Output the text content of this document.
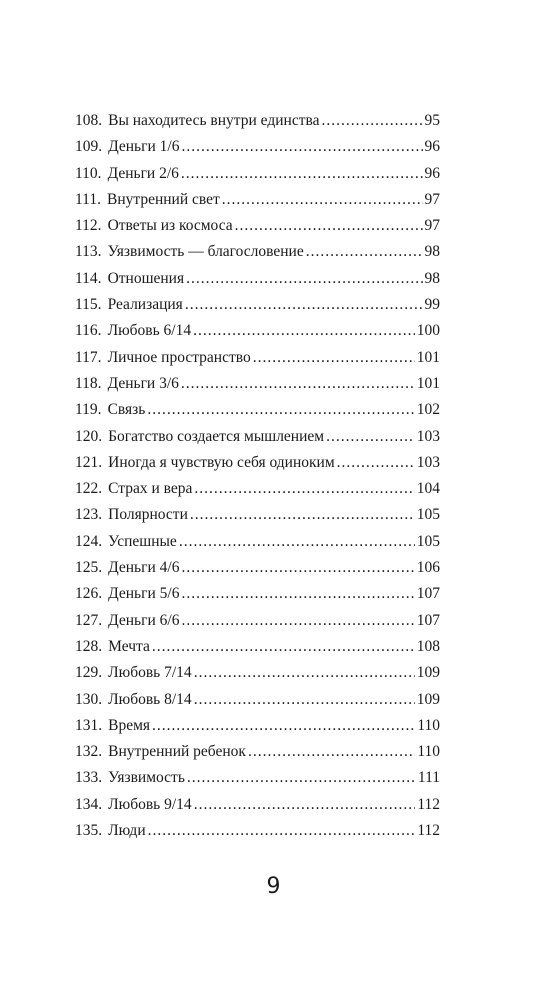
108. Вы находитесь внутри единства .....	95
109. Деньги 1/6 .....	96
110. Деньги 2/6 .....	96
111. Внутренний свет .....	97
112. Ответы из космоса .....	97
113. Уязвимость — благословение .....	98
114. Отношения .....	98
115. Реализация .....	99
116. Любовь 6/14 .....	100
117. Личное пространство .....	101
118. Деньги 3/6 .....	101
119. Связь .....	102
120. Богатство создается мышлением .....	103
121. Иногда я чувствую себя одиноким .....	103
122. Страх и вера .....	104
123. Полярности .....	105
124. Успешные .....	105
125. Деньги 4/6 .....	106
126. Деньги 5/6 .....	107
127. Деньги 6/6 .....	107
128. Мечта .....	108
129. Любовь 7/14 .....	109
130. Любовь 8/14 .....	109
131. Время .....	110
132. Внутренний ребенок .....	110
133. Уязвимость .....	111
134. Любовь 9/14 .....	112
135. Люди .....	112
9
